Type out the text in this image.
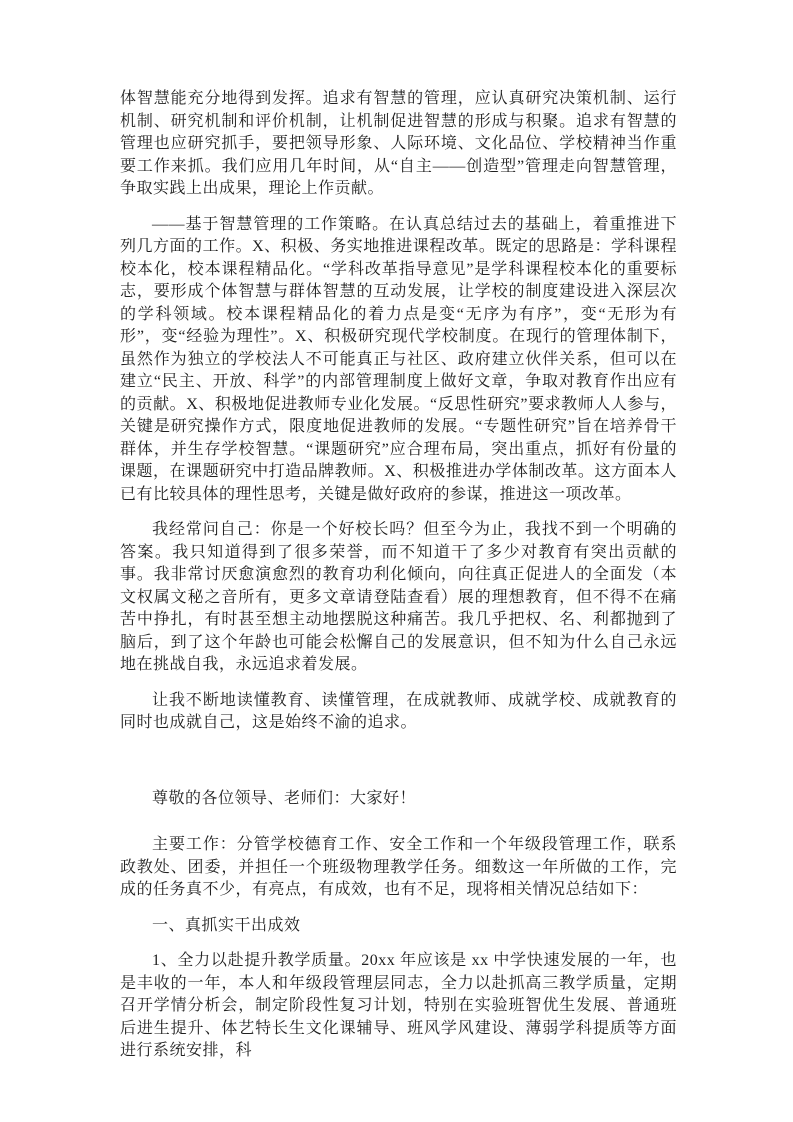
体智慧能充分地得到发挥。追求有智慧的管理，应认真研究决策机制、运行机制、研究机制和评价机制，让机制促进智慧的形成与积聚。追求有智慧的管理也应研究抓手，要把领导形象、人际环境、文化品位、学校精神当作重要工作来抓。我们应用几年时间，从“自主——创造型”管理走向智慧管理，争取实践上出成果，理论上作贡献。

——基于智慧管理的工作策略。在认真总结过去的基础上，着重推进下列几方面的工作。X、积极、务实地推进课程改革。既定的思路是：学科课程校本化，校本课程精品化。“学科改革指导意见”是学科课程校本化的重要标志，要形成个体智慧与群体智慧的互动发展，让学校的制度建设进入深层次的学科领域。校本课程精品化的着力点是变“无序为有序”，变“无形为有形”，变“经验为理性”。X、积极研究现代学校制度。在现行的管理体制下，虽然作为独立的学校法人不可能真正与社区、政府建立伙伴关系，但可以在建立“民主、开放、科学”的内部管理制度上做好文章，争取对教育作出应有的贡献。X、积极地促进教师专业化发展。“反思性研究”要求教师人人参与，关键是研究操作方式，限度地促进教师的发展。“专题性研究”旨在培养骨干群体，并生存学校智慧。“课题研究”应合理布局，突出重点，抓好有份量的课题，在课题研究中打造品牌教师。X、积极推进办学体制改革。这方面本人已有比较具体的理性思考，关键是做好政府的参谋，推进这一项改革。

我经常问自己：你是一个好校长吗？但至今为止，我找不到一个明确的答案。我只知道得到了很多荣誉，而不知道干了多少对教育有突出贡献的事。我非常讨厌愈演愈烈的教育功利化倾向，向往真正促进人的全面发（本文权属文秘之音所有，更多文章请登陆查看）展的理想教育，但不得不在痛苦中挣扎，有时甚至想主动地摆脱这种痛苦。我几乎把权、名、利都抛到了脑后，到了这个年龄也可能会松懈自己的发展意识，但不知为什么自己永远地在挑战自我，永远追求着发展。

让我不断地读懂教育、读懂管理，在成就教师、成就学校、成就教育的同时也成就自己，这是始终不渝的追求。

尊敬的各位领导、老师们：大家好！

主要工作：分管学校德育工作、安全工作和一个年级段管理工作，联系政教处、团委，并担任一个班级物理教学任务。细数这一年所做的工作，完成的任务真不少，有亮点，有成效，也有不足，现将相关情况总结如下：

一、真抓实干出成效

1、全力以赴提升教学质量。20xx 年应该是 xx 中学快速发展的一年，也是丰收的一年，本人和年级段管理层同志，全力以赴抓高三教学质量，定期召开学情分析会，制定阶段性复习计划，特别在实验班智优生发展、普通班后进生提升、体艺特长生文化课辅导、班风学风建设、薄弱学科提质等方面进行系统安排，科
